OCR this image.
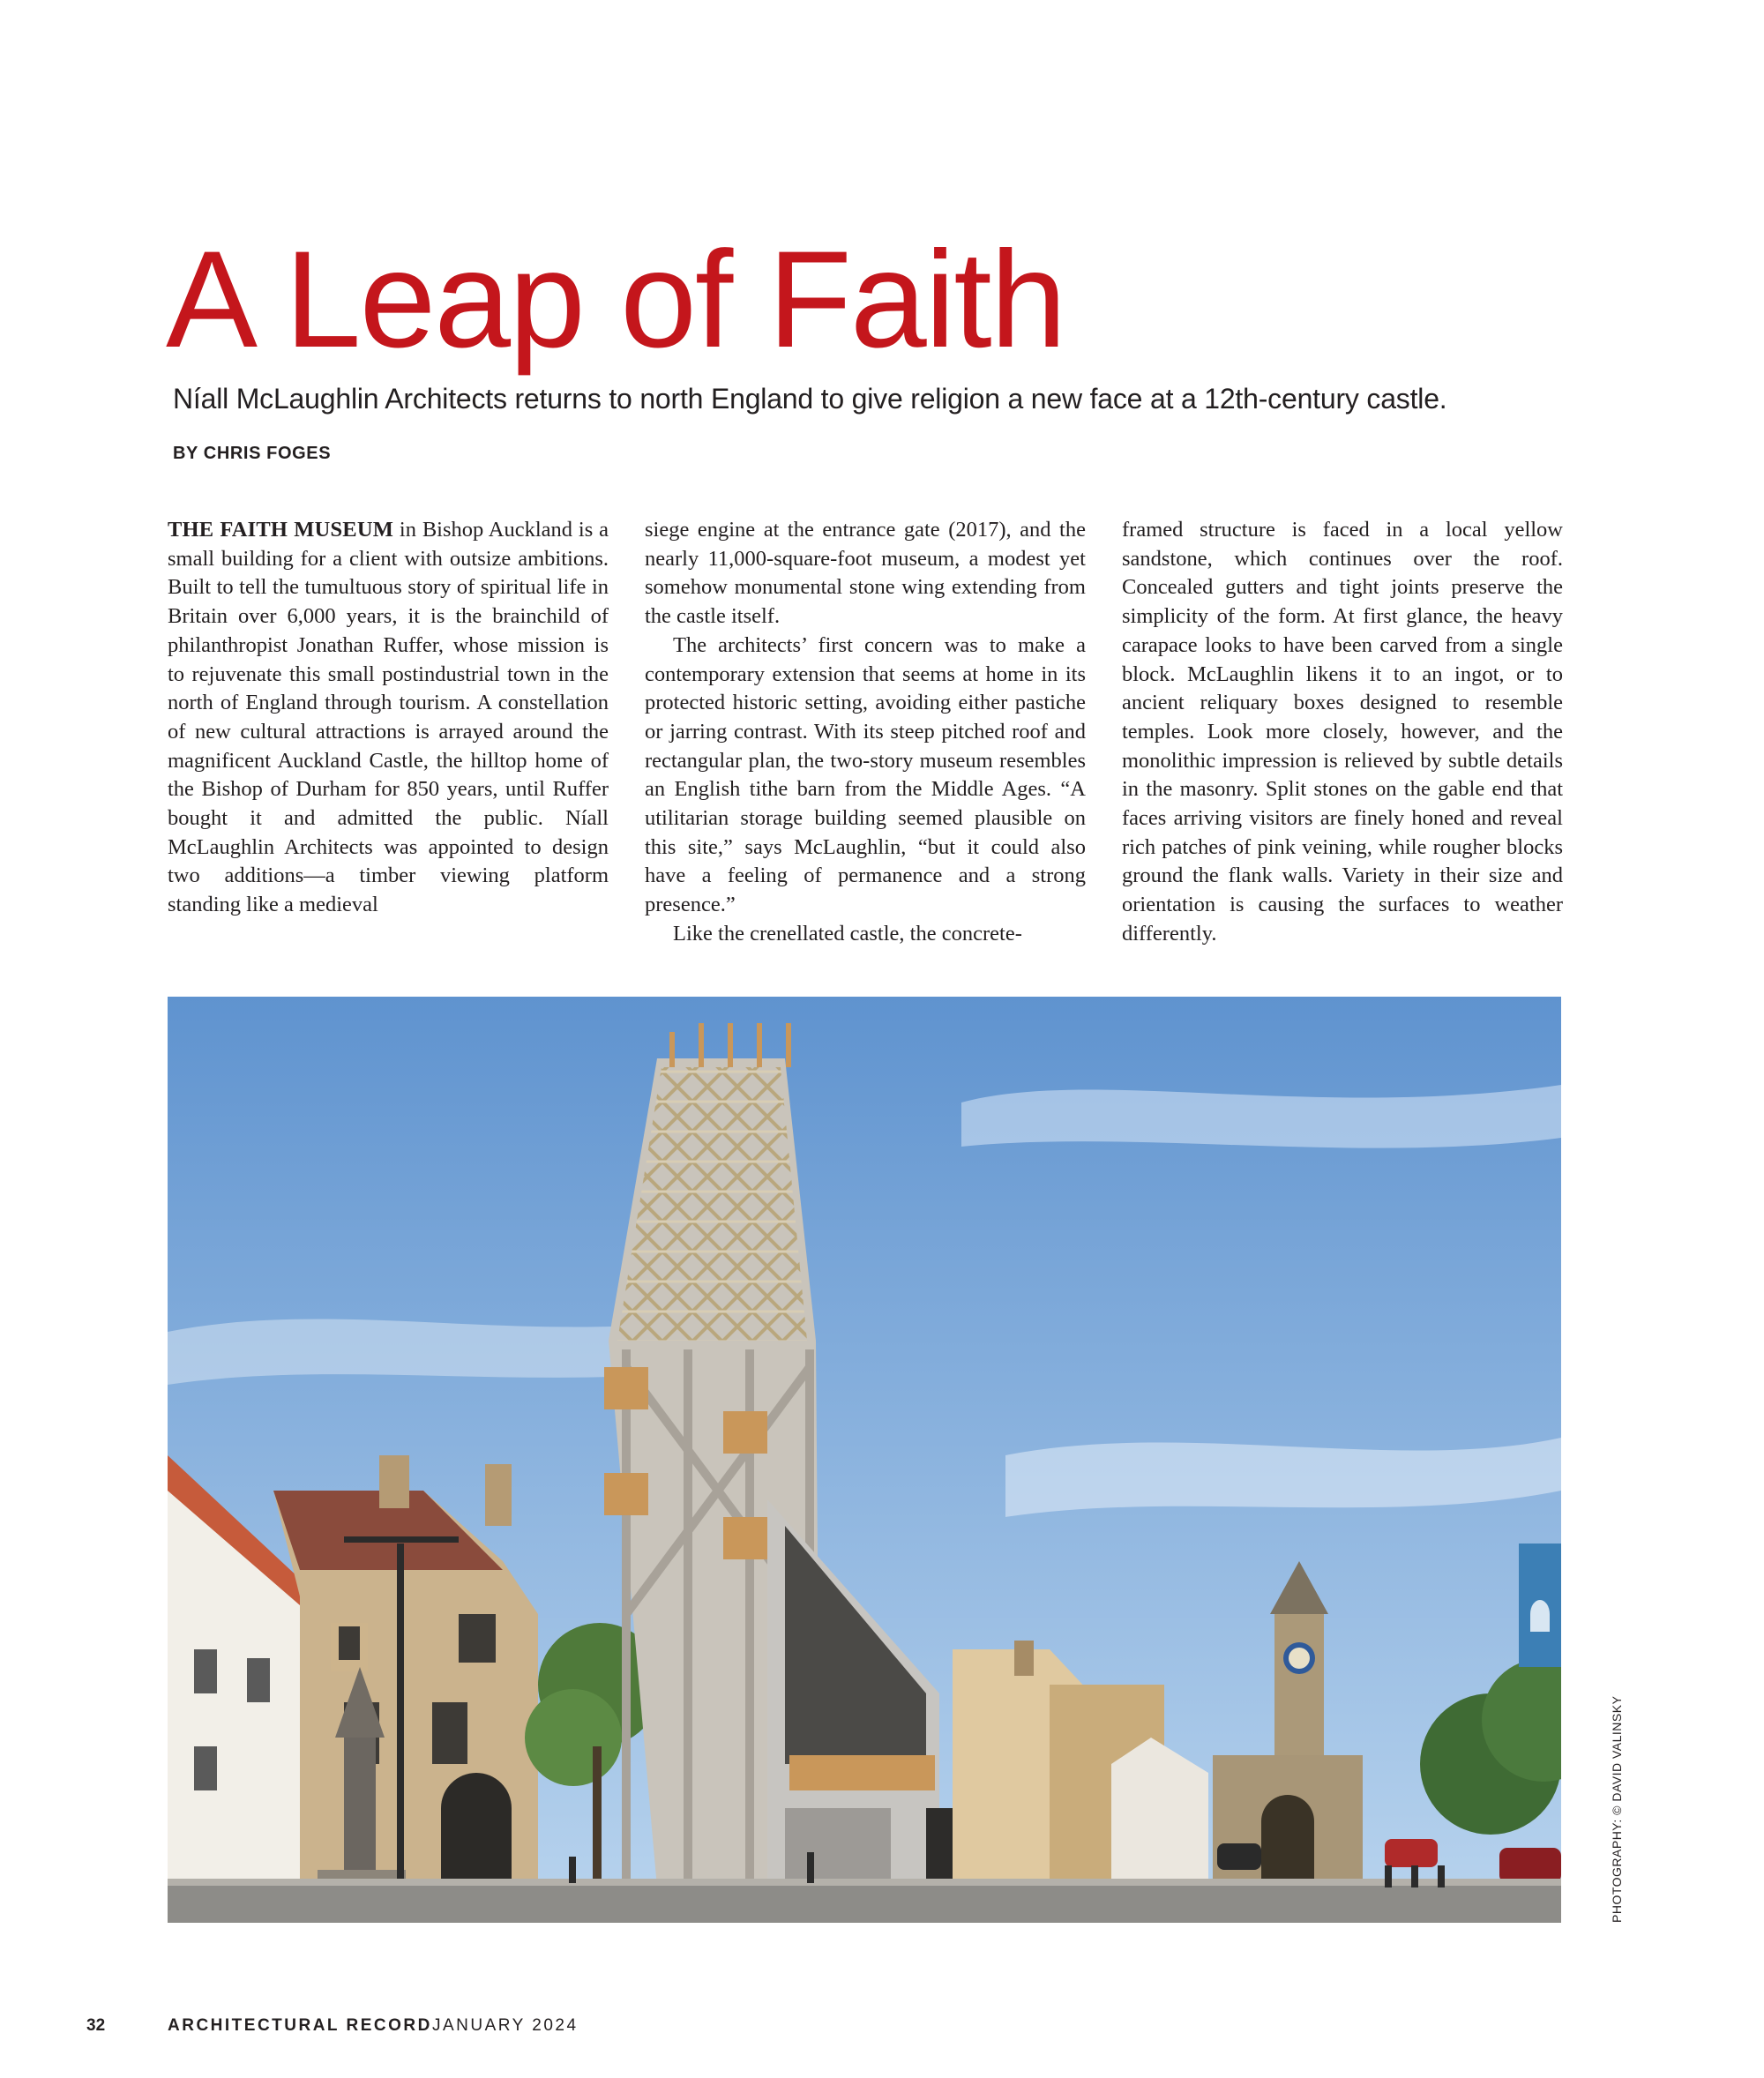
A Leap of Faith

Níall McLaughlin Architects returns to north England to give religion a new face at a 12th-century castle.

BY CHRIS FOGES

THE FAITH MUSEUM in Bishop Auckland is a small building for a client with outsize ambitions. Built to tell the tumultuous story of spiritual life in Britain over 6,000 years, it is the brainchild of philanthropist Jonathan Ruffer, whose mission is to rejuvenate this small postindustrial town in the north of England through tourism. A constellation of new cultural attractions is arrayed around the magnificent Auckland Castle, the hilltop home of the Bishop of Durham for 850 years, until Ruffer bought it and admitted the public. Níall McLaughlin Architects was appointed to design two additions—a timber viewing platform standing like a medieval

siege engine at the entrance gate (2017), and the nearly 11,000-square-foot museum, a modest yet somehow monumental stone wing extending from the castle itself.

The architects’ first concern was to make a contemporary extension that seems at home in its protected historic setting, avoiding either pastiche or jarring contrast. With its steep pitched roof and rectangular plan, the two-story museum resembles an English tithe barn from the Middle Ages. “A utilitarian storage building seemed plausible on this site,” says McLaughlin, “but it could also have a feeling of permanence and a strong presence.”

Like the crenellated castle, the concrete-

framed structure is faced in a local yellow sandstone, which continues over the roof. Concealed gutters and tight joints preserve the simplicity of the form. At first glance, the heavy carapace looks to have been carved from a single block. McLaughlin likens it to an ingot, or to ancient reliquary boxes designed to resemble temples. Look more closely, however, and the monolithic impression is relieved by subtle details in the masonry. Split stones on the gable end that faces arriving visitors are finely honed and reveal rich patches of pink veining, while rougher blocks ground the flank walls. Variety in their size and orientation is causing the surfaces to weather differently.

PHOTOGRAPHY: © DAVID VALINSKY
32	ARCHITECTURAL RECORD JANUARY 2024
